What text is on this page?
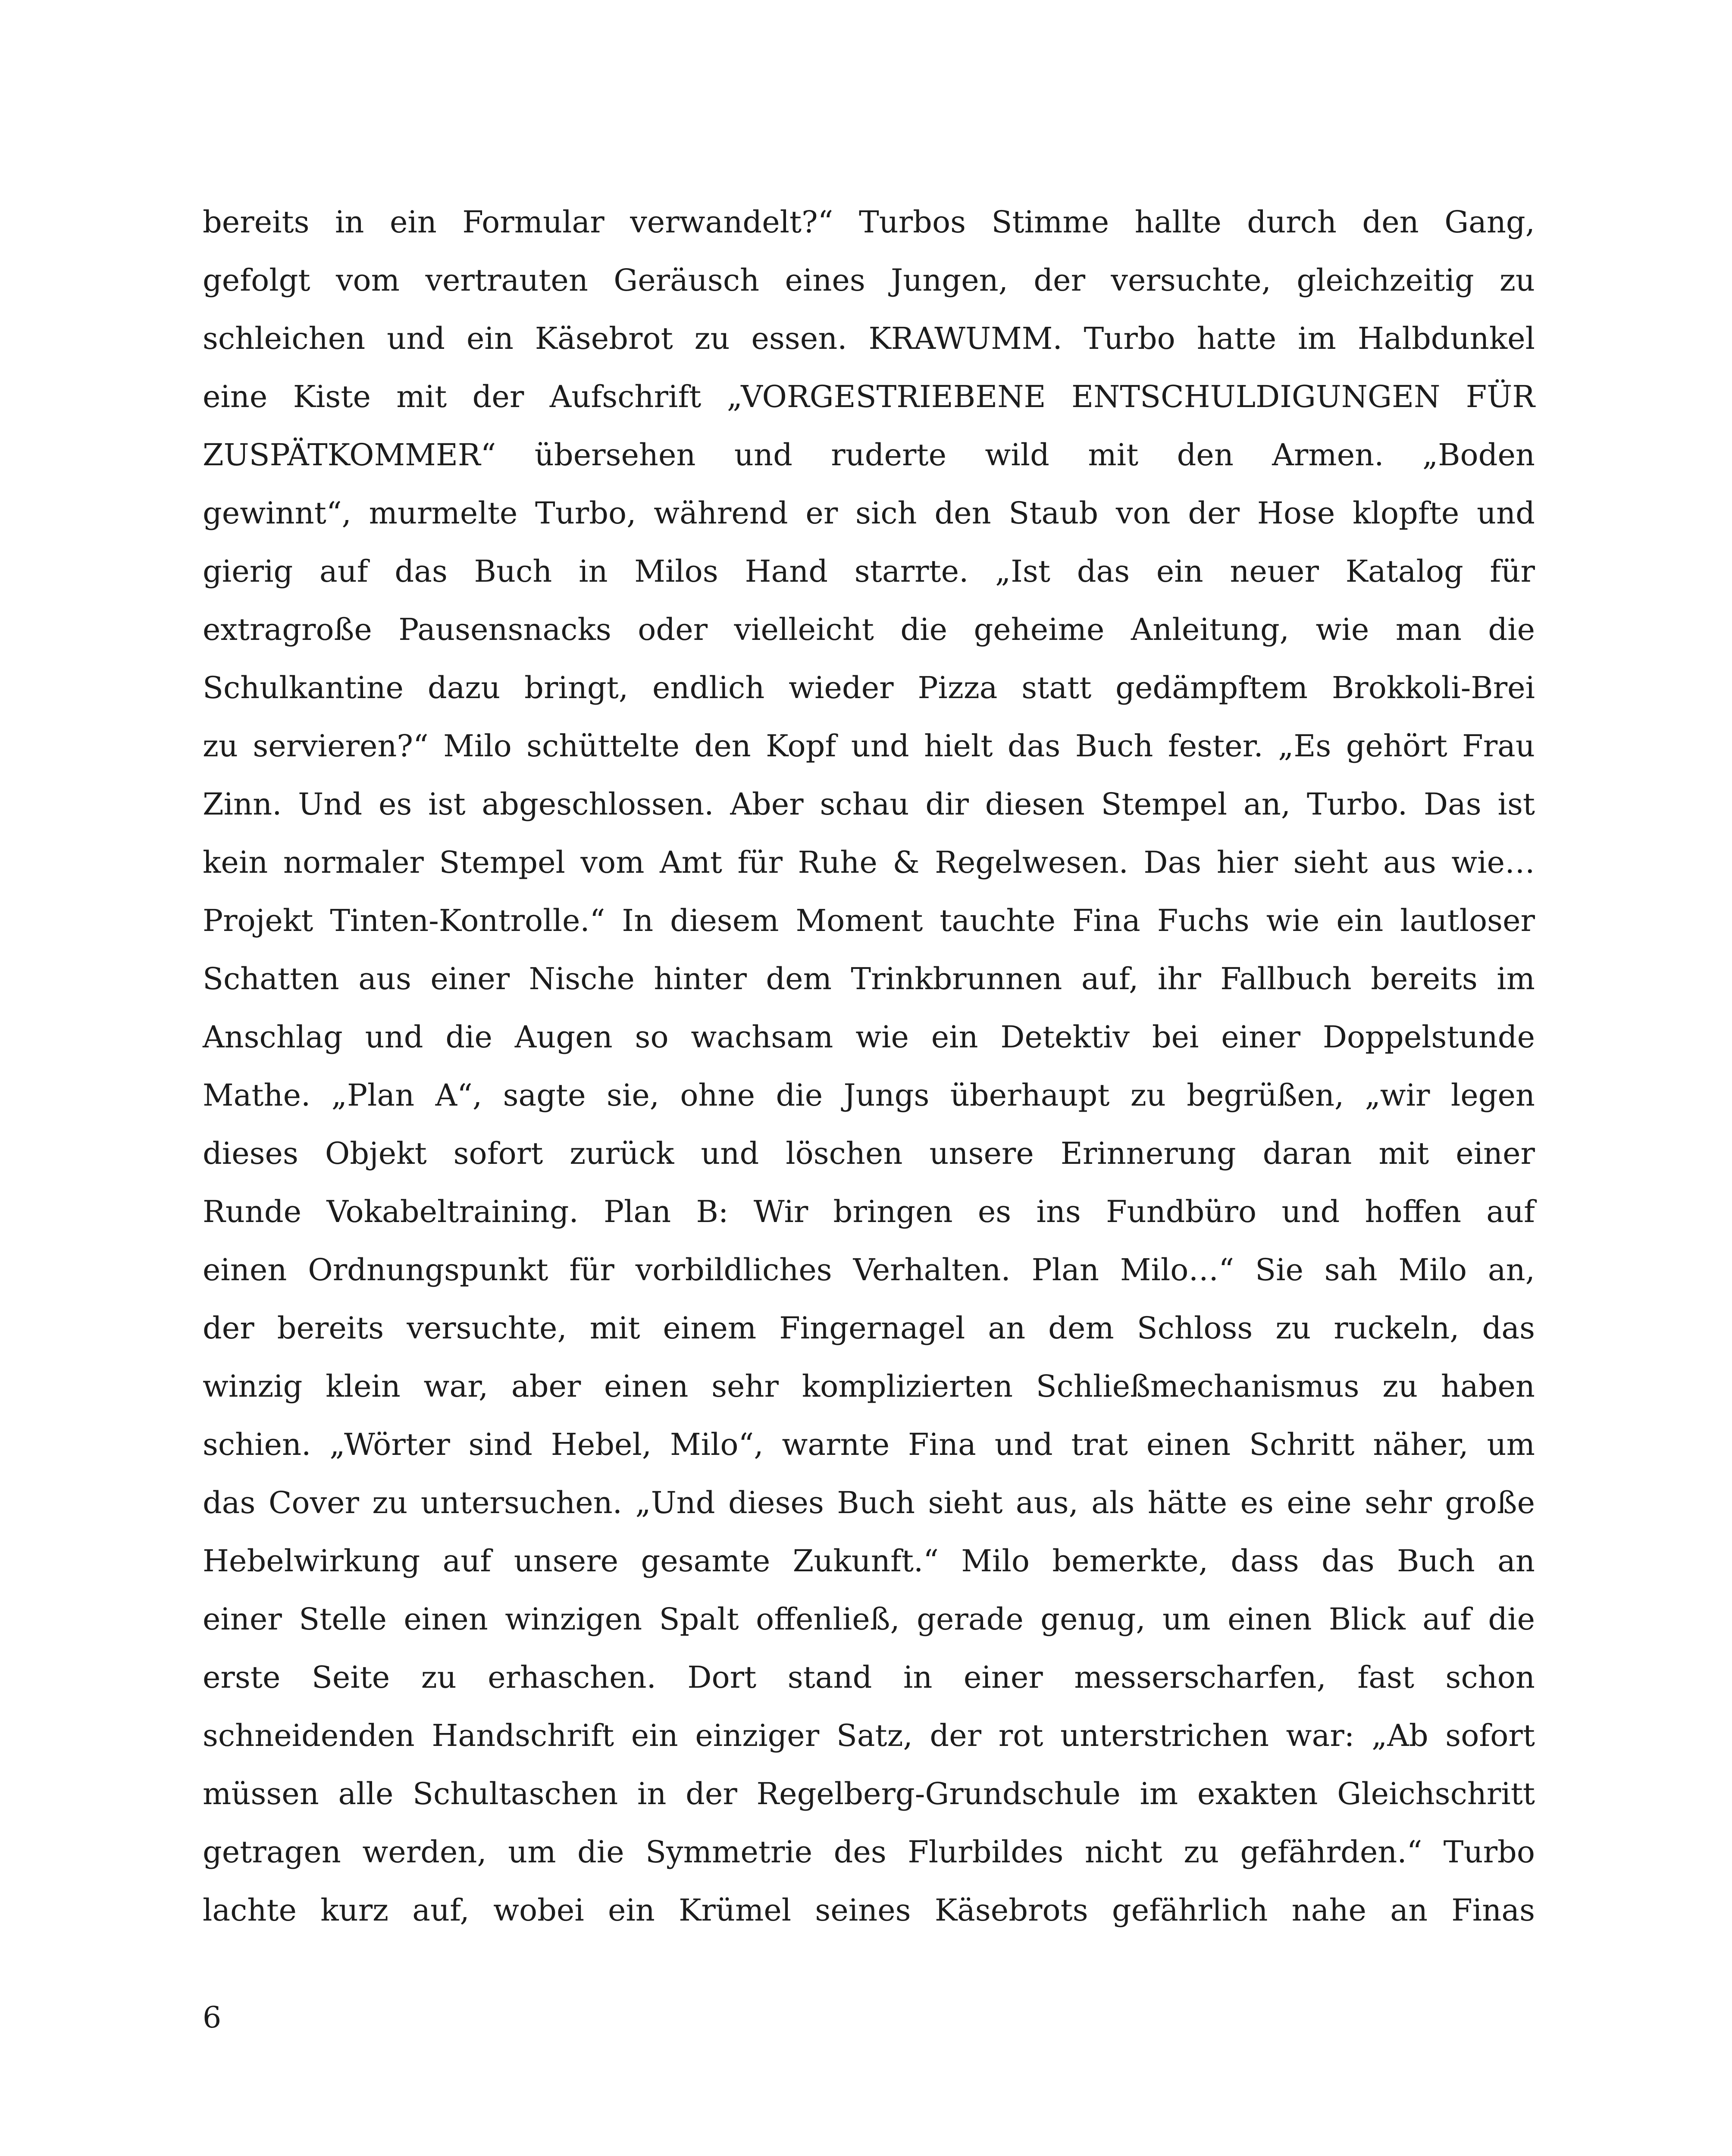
bereits in ein Formular verwandelt?“ Turbos Stimme hallte durch den Gang,
gefolgt vom vertrauten Geräusch eines Jungen, der versuchte, gleichzeitig zu
schleichen und ein Käsebrot zu essen. KRAWUMM. Turbo hatte im Halbdunkel
eine Kiste mit der Aufschrift „VORGESTRIEBENE ENTSCHULDIGUNGEN FÜR
ZUSPÄTKOMMER“ übersehen und ruderte wild mit den Armen. „Boden
gewinnt“, murmelte Turbo, während er sich den Staub von der Hose klopfte und
gierig auf das Buch in Milos Hand starrte. „Ist das ein neuer Katalog für
extragroße Pausensnacks oder vielleicht die geheime Anleitung, wie man die
Schulkantine dazu bringt, endlich wieder Pizza statt gedämpftem Brokkoli-Brei
zu servieren?“ Milo schüttelte den Kopf und hielt das Buch fester. „Es gehört Frau
Zinn. Und es ist abgeschlossen. Aber schau dir diesen Stempel an, Turbo. Das ist
kein normaler Stempel vom Amt für Ruhe & Regelwesen. Das hier sieht aus wie…
Projekt Tinten-Kontrolle.“ In diesem Moment tauchte Fina Fuchs wie ein lautloser
Schatten aus einer Nische hinter dem Trinkbrunnen auf, ihr Fallbuch bereits im
Anschlag und die Augen so wachsam wie ein Detektiv bei einer Doppelstunde
Mathe. „Plan A“, sagte sie, ohne die Jungs überhaupt zu begrüßen, „wir legen
dieses Objekt sofort zurück und löschen unsere Erinnerung daran mit einer
Runde Vokabeltraining. Plan B: Wir bringen es ins Fundbüro und hoffen auf
einen Ordnungspunkt für vorbildliches Verhalten. Plan Milo…“ Sie sah Milo an,
der bereits versuchte, mit einem Fingernagel an dem Schloss zu ruckeln, das
winzig klein war, aber einen sehr komplizierten Schließmechanismus zu haben
schien. „Wörter sind Hebel, Milo“, warnte Fina und trat einen Schritt näher, um
das Cover zu untersuchen. „Und dieses Buch sieht aus, als hätte es eine sehr große
Hebelwirkung auf unsere gesamte Zukunft.“ Milo bemerkte, dass das Buch an
einer Stelle einen winzigen Spalt offenließ, gerade genug, um einen Blick auf die
erste Seite zu erhaschen. Dort stand in einer messerscharfen, fast schon
schneidenden Handschrift ein einziger Satz, der rot unterstrichen war: „Ab sofort
müssen alle Schultaschen in der Regelberg-Grundschule im exakten Gleichschritt
getragen werden, um die Symmetrie des Flurbildes nicht zu gefährden.“ Turbo
lachte kurz auf, wobei ein Krümel seines Käsebrots gefährlich nahe an Finas
6
